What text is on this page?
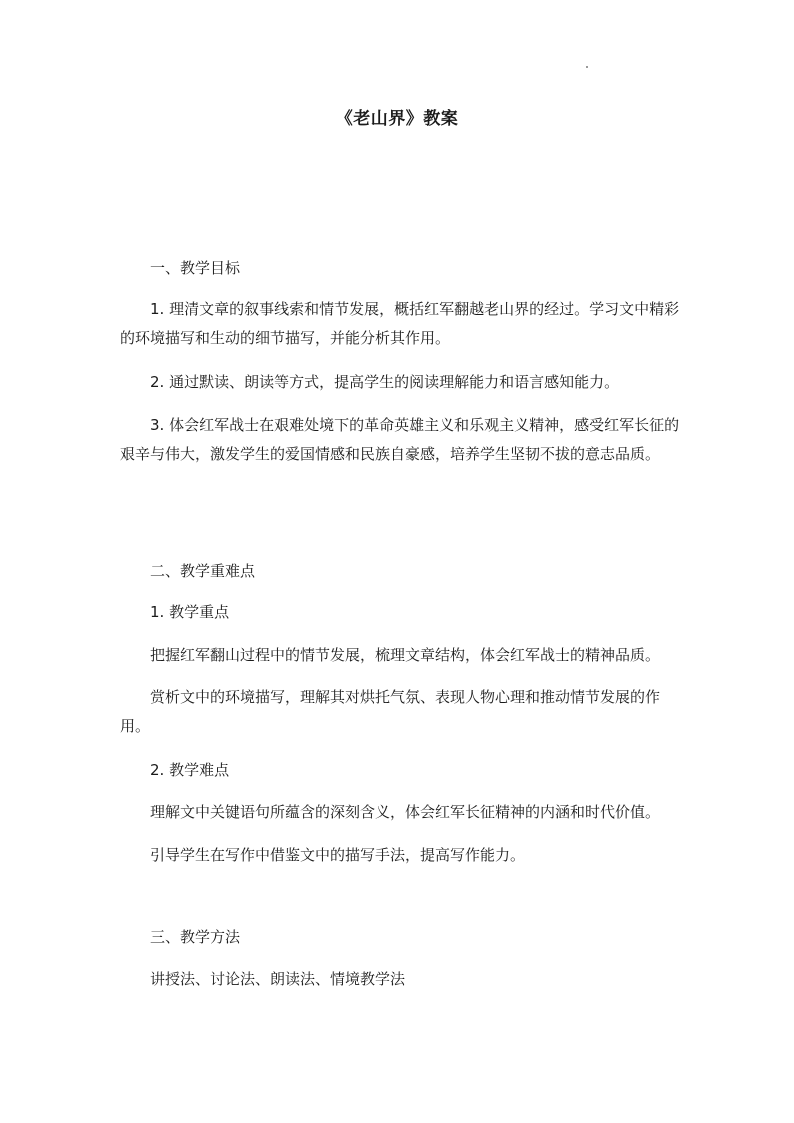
《老山界》教案

一、教学目标

1. 理清文章的叙事线索和情节发展，概括红军翻越老山界的经过。学习文中精彩的环境描写和生动的细节描写，并能分析其作用。

2. 通过默读、朗读等方式，提高学生的阅读理解能力和语言感知能力。

3. 体会红军战士在艰难处境下的革命英雄主义和乐观主义精神，感受红军长征的艰辛与伟大，激发学生的爱国情感和民族自豪感，培养学生坚韧不拔的意志品质。

二、教学重难点

1. 教学重点

把握红军翻山过程中的情节发展，梳理文章结构，体会红军战士的精神品质。

赏析文中的环境描写，理解其对烘托气氛、表现人物心理和推动情节发展的作用。

2. 教学难点

理解文中关键语句所蕴含的深刻含义，体会红军长征精神的内涵和时代价值。

引导学生在写作中借鉴文中的描写手法，提高写作能力。

三、教学方法

讲授法、讨论法、朗读法、情境教学法
